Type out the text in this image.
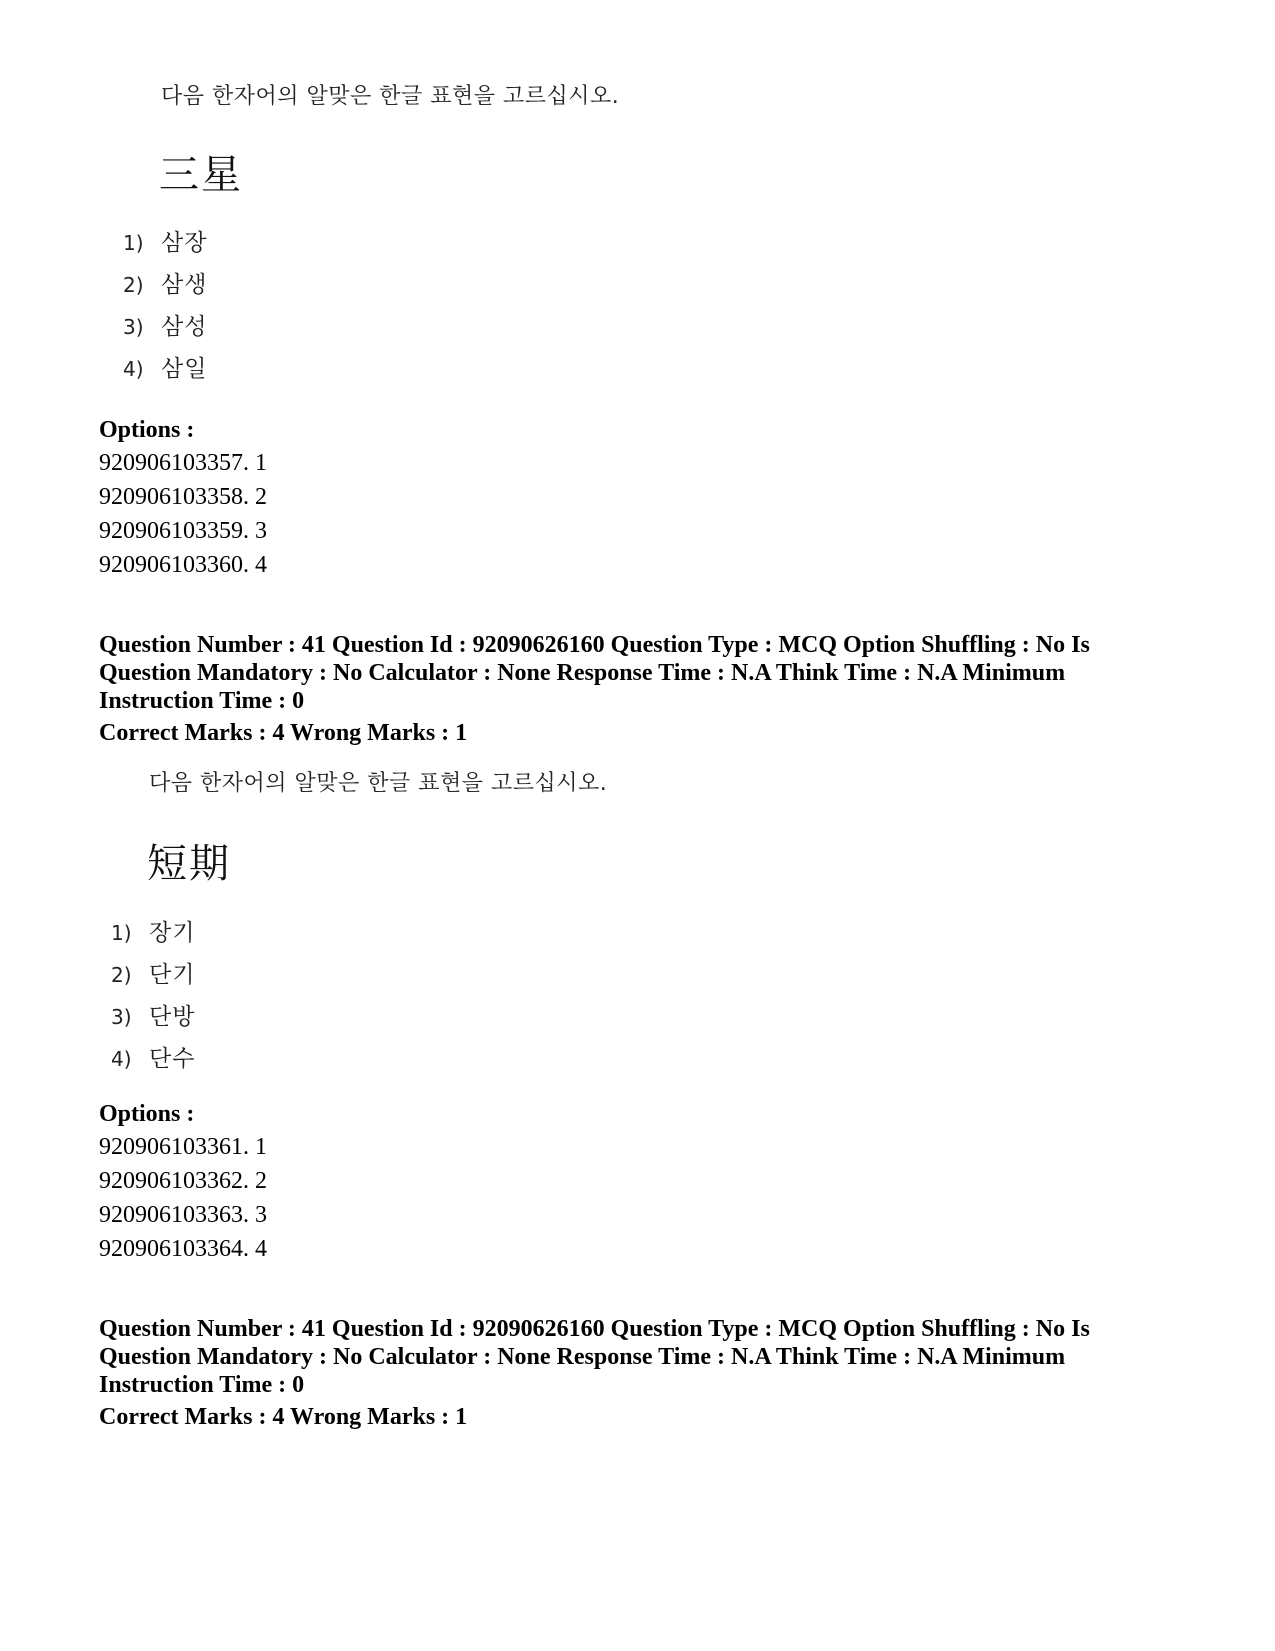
다음 한자어의 알맞은 한글 표현을 고르십시오.
三星
1) 삼장
2) 삼생
3) 삼성
4) 삼일
Options :
920906103357. 1
920906103358. 2
920906103359. 3
920906103360. 4
Question Number : 41 Question Id : 92090626160 Question Type : MCQ Option Shuffling : No Is
Question Mandatory : No Calculator : None Response Time : N.A Think Time : N.A Minimum
Instruction Time : 0
Correct Marks : 4 Wrong Marks : 1
다음 한자어의 알맞은 한글 표현을 고르십시오.
短期
1) 장기
2) 단기
3) 단방
4) 단수
Options :
920906103361. 1
920906103362. 2
920906103363. 3
920906103364. 4
Question Number : 41 Question Id : 92090626160 Question Type : MCQ Option Shuffling : No Is
Question Mandatory : No Calculator : None Response Time : N.A Think Time : N.A Minimum
Instruction Time : 0
Correct Marks : 4 Wrong Marks : 1
